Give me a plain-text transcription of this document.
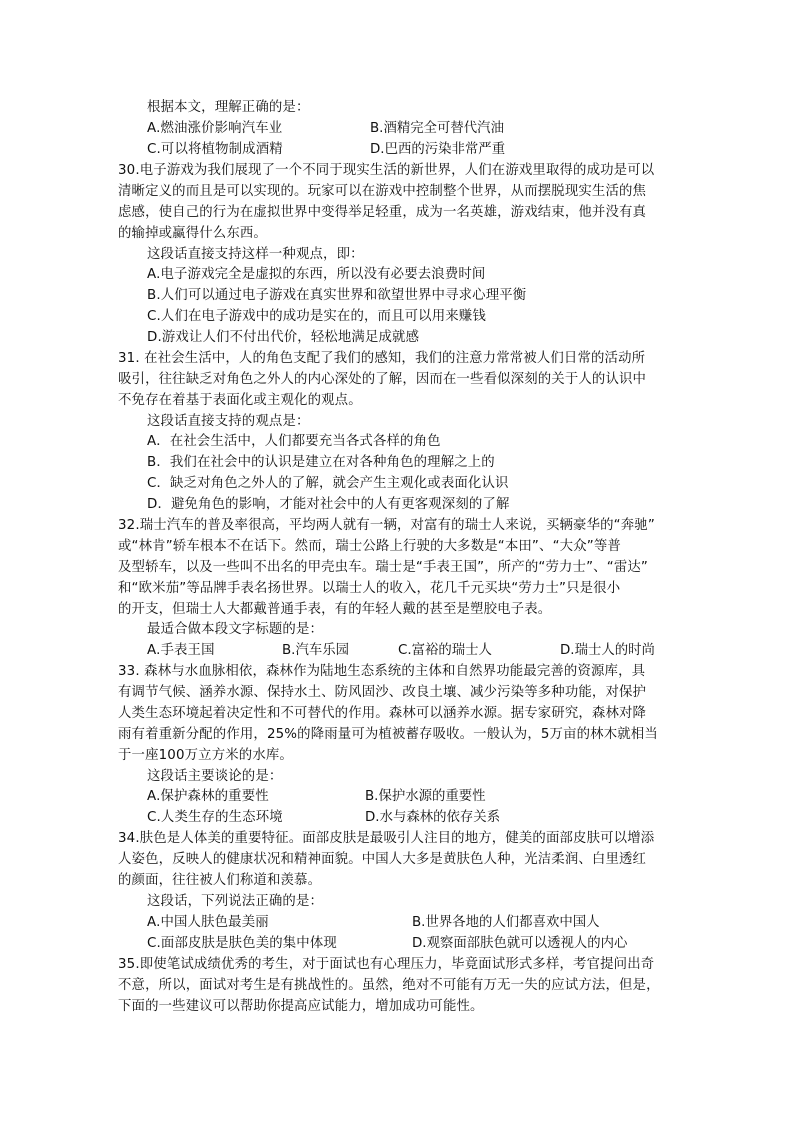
根据本文，理解正确的是：
A.燃油涨价影响汽车业	B.酒精完全可替代汽油
C.可以将植物制成酒精	D.巴西的污染非常严重
30.电子游戏为我们展现了一个不同于现实生活的新世界，人们在游戏里取得的成功是可以
清晰定义的而且是可以实现的。玩家可以在游戏中控制整个世界，从而摆脱现实生活的焦
虑感，使自己的行为在虚拟世界中变得举足轻重，成为一名英雄，游戏结束，他并没有真
的输掉或赢得什么东西。
这段话直接支持这样一种观点，即：
A.电子游戏完全是虚拟的东西，所以没有必要去浪费时间
B.人们可以通过电子游戏在真实世界和欲望世界中寻求心理平衡
C.人们在电子游戏中的成功是实在的，而且可以用来赚钱
D.游戏让人们不付出代价，轻松地满足成就感
31. 在社会生活中，人的角色支配了我们的感知，我们的注意力常常被人们日常的活动所
吸引，往往缺乏对角色之外人的内心深处的了解，因而在一些看似深刻的关于人的认识中
不免存在着基于表面化或主观化的观点。
这段话直接支持的观点是：
A．在社会生活中，人们都要充当各式各样的角色
B．我们在社会中的认识是建立在对各种角色的理解之上的
C．缺乏对角色之外人的了解，就会产生主观化或表面化认识
D．避免角色的影响，才能对社会中的人有更客观深刻的了解
32.瑞士汽车的普及率很高，平均两人就有一辆，对富有的瑞士人来说，买辆豪华的“奔驰”
或“林肯”轿车根本不在话下。然而，瑞士公路上行驶的大多数是“本田”、“大众”等普
及型轿车，以及一些叫不出名的甲壳虫车。瑞士是“手表王国”，所产的“劳力士”、“雷达”
和“欧米茄”等品牌手表名扬世界。以瑞士人的收入，花几千元买块“劳力士”只是很小
的开支，但瑞士人大都戴普通手表，有的年轻人戴的甚至是塑胶电子表。
最适合做本段文字标题的是：
A.手表王国	B.汽车乐园	C.富裕的瑞士人	D.瑞士人的时尚
33. 森林与水血脉相依，森林作为陆地生态系统的主体和自然界功能最完善的资源库，具
有调节气候、涵养水源、保持水土、防风固沙、改良土壤、减少污染等多种功能，对保护
人类生态环境起着决定性和不可替代的作用。森林可以涵养水源。据专家研究，森林对降
雨有着重新分配的作用，25%的降雨量可为植被蓄存吸收。一般认为，5万亩的林木就相当
于一座100万立方米的水库。
这段话主要谈论的是：
A.保护森林的重要性	B.保护水源的重要性
C.人类生存的生态环境	D.水与森林的依存关系
34.肤色是人体美的重要特征。面部皮肤是最吸引人注目的地方，健美的面部皮肤可以增添
人姿色，反映人的健康状况和精神面貌。中国人大多是黄肤色人种，光洁柔润、白里透红
的颜面，往往被人们称道和羡慕。
这段话，下列说法正确的是：
A.中国人肤色最美丽	B.世界各地的人们都喜欢中国人
C.面部皮肤是肤色美的集中体现	D.观察面部肤色就可以透视人的内心
35.即使笔试成绩优秀的考生，对于面试也有心理压力，毕竟面试形式多样，考官提问出奇
不意，所以，面试对考生是有挑战性的。虽然，绝对不可能有万无一失的应试方法，但是，
下面的一些建议可以帮助你提高应试能力，增加成功可能性。
